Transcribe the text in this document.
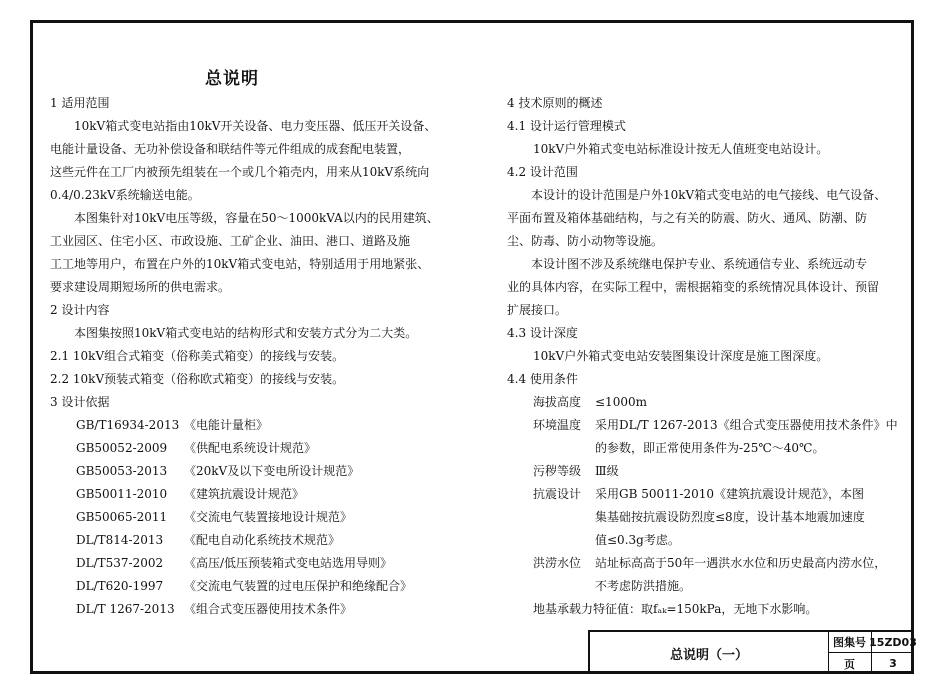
总说明
1 适用范围
10kV箱式变电站指由10kV开关设备、电力变压器、低压开关设备、
电能计量设备、无功补偿设备和联结件等元件组成的成套配电装置，
这些元件在工厂内被预先组装在一个或几个箱壳内，用来从10kV系统向
0.4/0.23kV系统输送电能。
本图集针对10kV电压等级，容量在50～1000kVA以内的民用建筑、
工业园区、住宅小区、市政设施、工矿企业、油田、港口、道路及施
工工地等用户，布置在户外的10kV箱式变电站，特别适用于用地紧张、
要求建设周期短场所的供电需求。
2 设计内容
本图集按照10kV箱式变电站的结构形式和安装方式分为二大类。
2.1 10kV组合式箱变（俗称美式箱变）的接线与安装。
2.2 10kV预装式箱变（俗称欧式箱变）的接线与安装。
3 设计依据
GB/T16934-2013 《电能计量柜》
GB50052-2009	《供配电系统设计规范》
GB50053-2013	《20kV及以下变电所设计规范》
GB50011-2010	《建筑抗震设计规范》
GB50065-2011	《交流电气装置接地设计规范》
DL/T814-2013	《配电自动化系统技术规范》
DL/T537-2002	《高压/低压预装箱式变电站选用导则》
DL/T620-1997	《交流电气装置的过电压保护和绝缘配合》
DL/T 1267-2013 《组合式变压器使用技术条件》
4 技术原则的概述
4.1 设计运行管理模式
10kV户外箱式变电站标准设计按无人值班变电站设计。
4.2 设计范围
本设计的设计范围是户外10kV箱式变电站的电气接线、电气设备、
平面布置及箱体基础结构，与之有关的防震、防火、通风、防潮、防
尘、防毒、防小动物等设施。
本设计图不涉及系统继电保护专业、系统通信专业、系统远动专
业的具体内容，在实际工程中，需根据箱变的系统情况具体设计、预留
扩展接口。
4.3 设计深度
10kV户外箱式变电站安装图集设计深度是施工图深度。
4.4 使用条件
海拔高度	≤1000m
环境温度	采用DL/T 1267-2013《组合式变压器使用技术条件》中
的参数，即正常使用条件为-25℃～40℃。
污秽等级	Ⅲ级
抗震设计	采用GB 50011-2010《建筑抗震设计规范》，本图
集基础按抗震设防烈度≤8度，设计基本地震加速度
值≤0.3g考虑。
洪涝水位	站址标高高于50年一遇洪水水位和历史最高内涝水位，
不考虑防洪措施。
地基承载力特征值：取fₐₖ=150kPa，无地下水影响。
总说明（一）
图集号 15ZD03
页	3
